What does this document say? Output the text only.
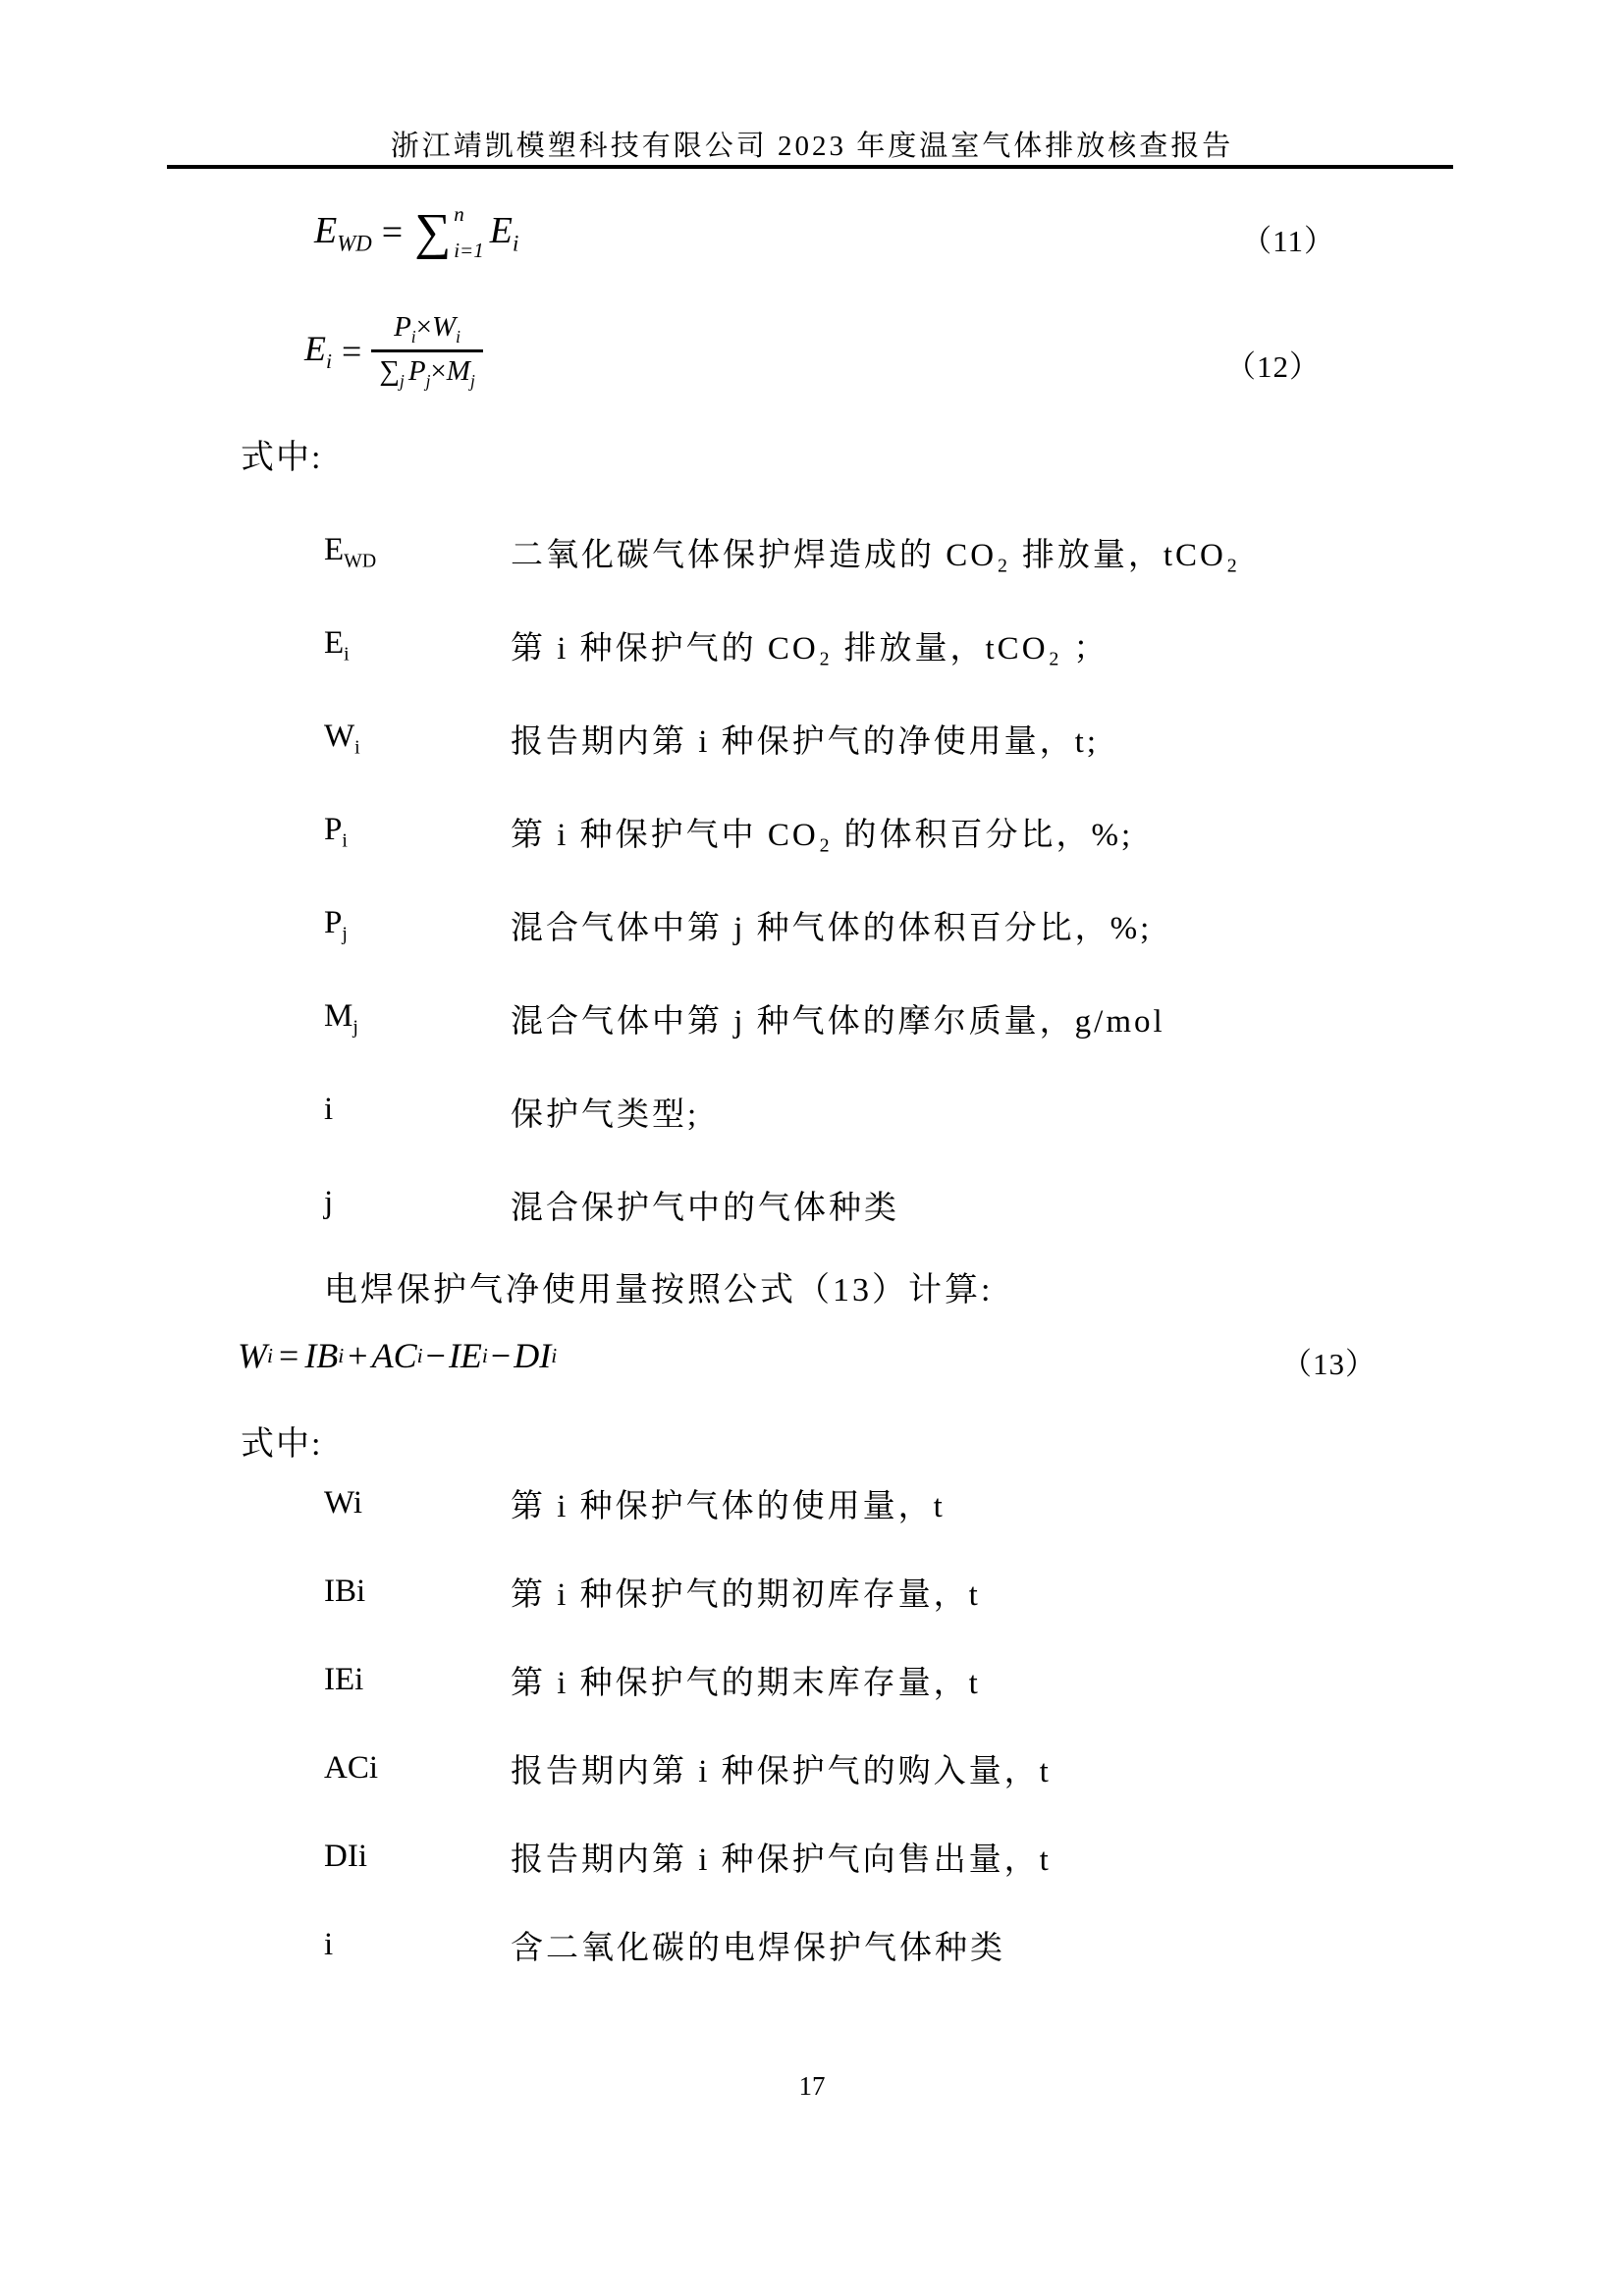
浙江靖凯模塑科技有限公司 2023 年度温室气体排放核查报告
$E_{WD}$ = ∑ n
i=1 $E_i$	（11）
$E_i = \frac{P_i\times W_i}{\sum_j P_j\times M_j}$	（12）
式中:
$E_{WD}$	二氧化碳气体保护焊造成的 CO₂ 排放量，tCO₂
$E_i$	第 i 种保护气的 CO₂ 排放量，tCO₂ ；
$W_i$	报告期内第 i 种保护气的净使用量，t;
$P_i$	第 i 种保护气中 CO₂ 的体积百分比，%;
$P_j$	混合气体中第 j 种气体的体积百分比，%;
$M_j$	混合气体中第 j 种气体的摩尔质量，g/mol
i	保护气类型;
j	混合保护气中的气体种类
电焊保护气净使用量按照公式（13）计算:
W i = IB i + AC i − IE i − DI i	（13）
式中:
Wi	第 i 种保护气体的使用量，t
IBi	第 i 种保护气的期初库存量，t
IEi	第 i 种保护气的期末库存量，t
ACi	报告期内第 i 种保护气的购入量，t
DIi	报告期内第 i 种保护气向售出量，t
i	含二氧化碳的电焊保护气体种类
17
